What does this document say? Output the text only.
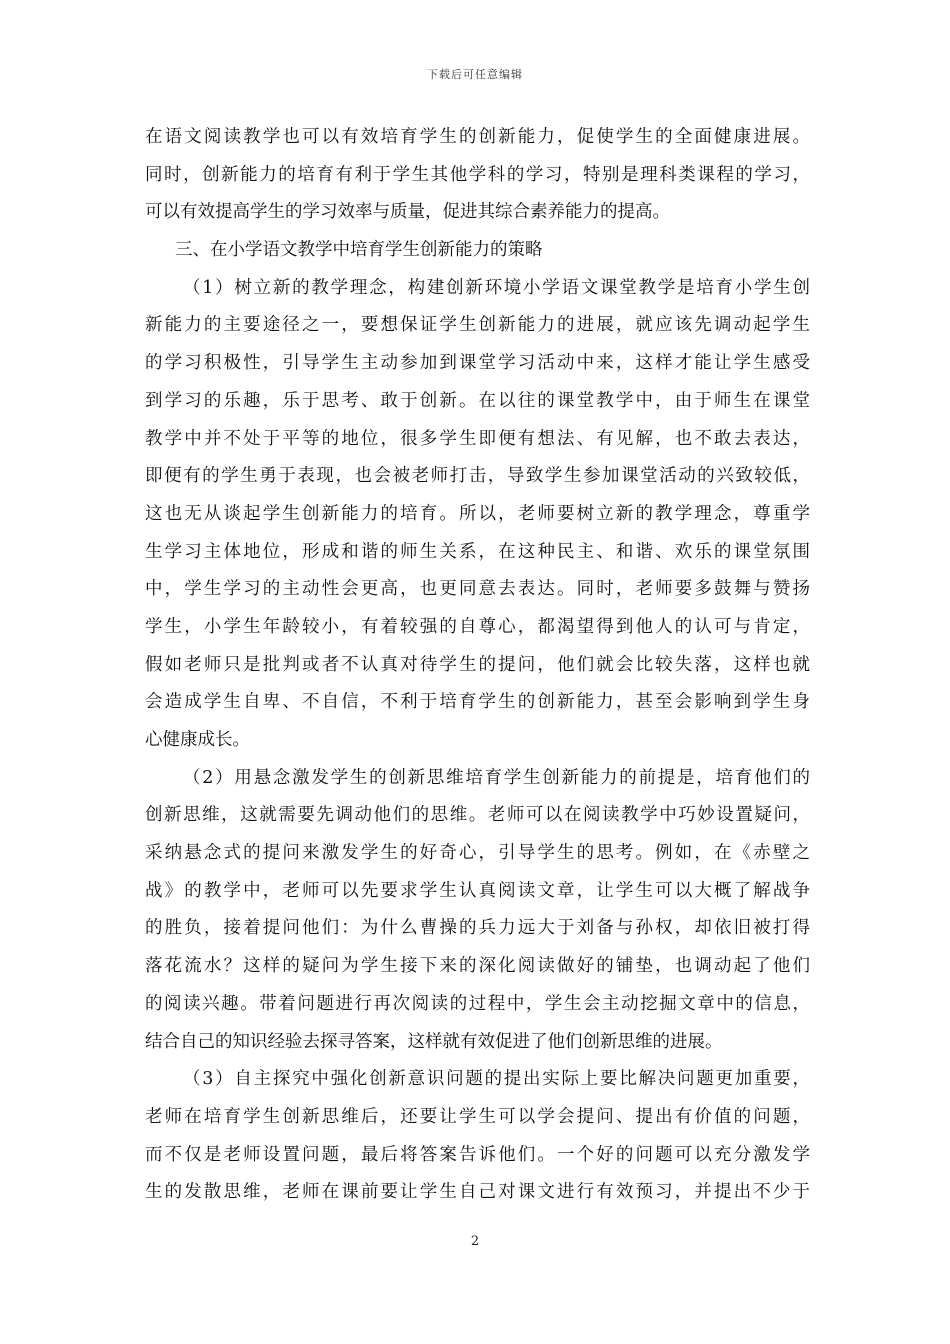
下载后可任意编辑
在语文阅读教学也可以有效培育学生的创新能力，促使学生的全面健康进展。
同时，创新能力的培育有利于学生其他学科的学习，特别是理科类课程的学习，
可以有效提高学生的学习效率与质量，促进其综合素养能力的提高。
三、在小学语文教学中培育学生创新能力的策略
（1）树立新的教学理念，构建创新环境小学语文课堂教学是培育小学生创
新能力的主要途径之一，要想保证学生创新能力的进展，就应该先调动起学生
的学习积极性，引导学生主动参加到课堂学习活动中来，这样才能让学生感受
到学习的乐趣，乐于思考、敢于创新。在以往的课堂教学中，由于师生在课堂
教学中并不处于平等的地位，很多学生即便有想法、有见解，也不敢去表达，
即便有的学生勇于表现，也会被老师打击，导致学生参加课堂活动的兴致较低，
这也无从谈起学生创新能力的培育。所以，老师要树立新的教学理念，尊重学
生学习主体地位，形成和谐的师生关系，在这种民主、和谐、欢乐的课堂氛围
中，学生学习的主动性会更高，也更同意去表达。同时，老师要多鼓舞与赞扬
学生，小学生年龄较小，有着较强的自尊心，都渴望得到他人的认可与肯定，
假如老师只是批判或者不认真对待学生的提问，他们就会比较失落，这样也就
会造成学生自卑、不自信，不利于培育学生的创新能力，甚至会影响到学生身
心健康成长。
（2）用悬念激发学生的创新思维培育学生创新能力的前提是，培育他们的
创新思维，这就需要先调动他们的思维。老师可以在阅读教学中巧妙设置疑问，
采纳悬念式的提问来激发学生的好奇心，引导学生的思考。例如，在《赤壁之
战》的教学中，老师可以先要求学生认真阅读文章，让学生可以大概了解战争
的胜负，接着提问他们：为什么曹操的兵力远大于刘备与孙权，却依旧被打得
落花流水？这样的疑问为学生接下来的深化阅读做好的铺垫，也调动起了他们
的阅读兴趣。带着问题进行再次阅读的过程中，学生会主动挖掘文章中的信息，
结合自己的知识经验去探寻答案，这样就有效促进了他们创新思维的进展。
（3）自主探究中强化创新意识问题的提出实际上要比解决问题更加重要，
老师在培育学生创新思维后，还要让学生可以学会提问、提出有价值的问题，
而不仅是老师设置问题，最后将答案告诉他们。一个好的问题可以充分激发学
生的发散思维，老师在课前要让学生自己对课文进行有效预习，并提出不少于
2
